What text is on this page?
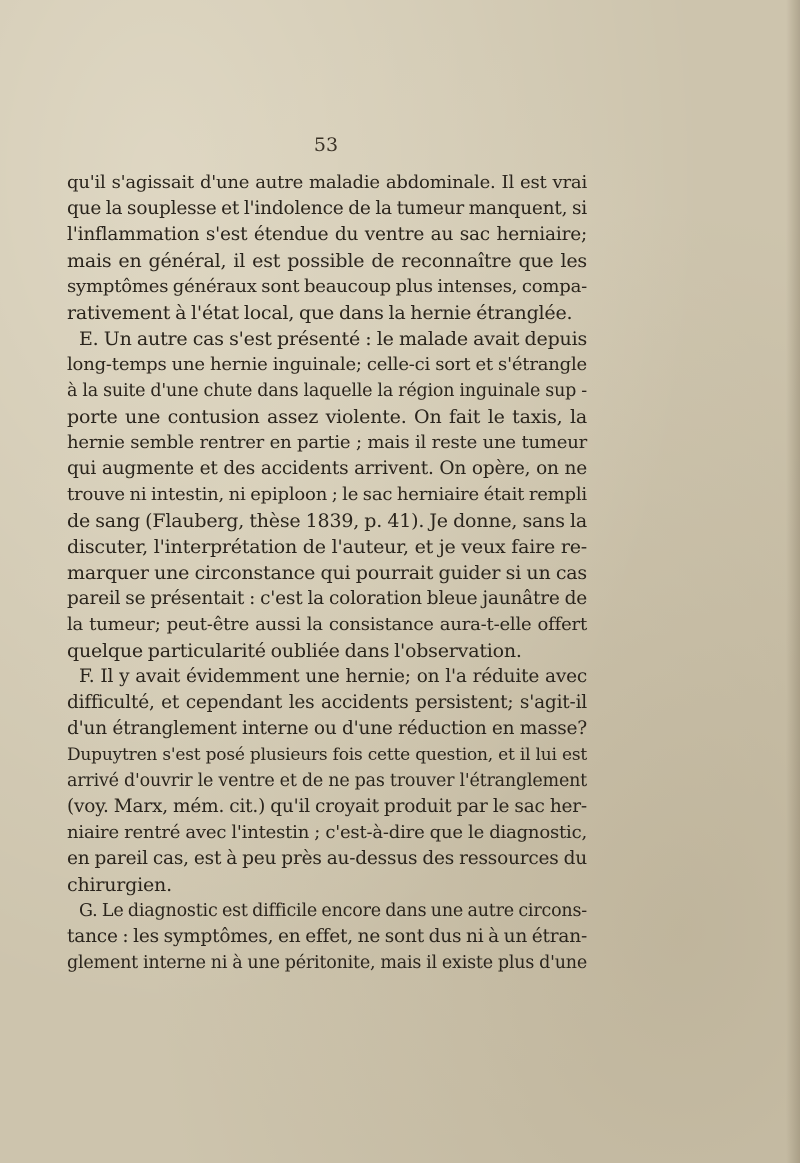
53
qu'il s'agissait d'une autre maladie abdominale. Il est vrai
que la souplesse et l'indolence de la tumeur manquent, si
l'inflammation s'est étendue du ventre au sac herniaire;
mais en général, il est possible de reconnaître que les
symptômes généraux sont beaucoup plus intenses, compa-
rativement à l'état local, que dans la hernie étranglée.
E. Un autre cas s'est présenté : le malade avait depuis
long-temps une hernie inguinale; celle-ci sort et s'étrangle
à la suite d'une chute dans laquelle la région inguinale sup -
porte une contusion assez violente. On fait le taxis, la
hernie semble rentrer en partie ; mais il reste une tumeur
qui augmente et des accidents arrivent. On opère, on ne
trouve ni intestin, ni epiploon ; le sac herniaire était rempli
de sang (Flauberg, thèse 1839, p. 41). Je donne, sans la
discuter, l'interprétation de l'auteur, et je veux faire re-
marquer une circonstance qui pourrait guider si un cas
pareil se présentait : c'est la coloration bleue jaunâtre de
la tumeur; peut-être aussi la consistance aura-t-elle offert
quelque particularité oubliée dans l'observation.
F. Il y avait évidemment une hernie; on l'a réduite avec
difficulté, et cependant les accidents persistent; s'agit-il
d'un étranglement interne ou d'une réduction en masse?
Dupuytren s'est posé plusieurs fois cette question, et il lui est
arrivé d'ouvrir le ventre et de ne pas trouver l'étranglement
(voy. Marx, mém. cit.) qu'il croyait produit par le sac her-
niaire rentré avec l'intestin ; c'est-à-dire que le diagnostic,
en pareil cas, est à peu près au-dessus des ressources du
chirurgien.
G. Le diagnostic est difficile encore dans une autre circons-
tance : les symptômes, en effet, ne sont dus ni à un étran-
glement interne ni à une péritonite, mais il existe plus d'une
